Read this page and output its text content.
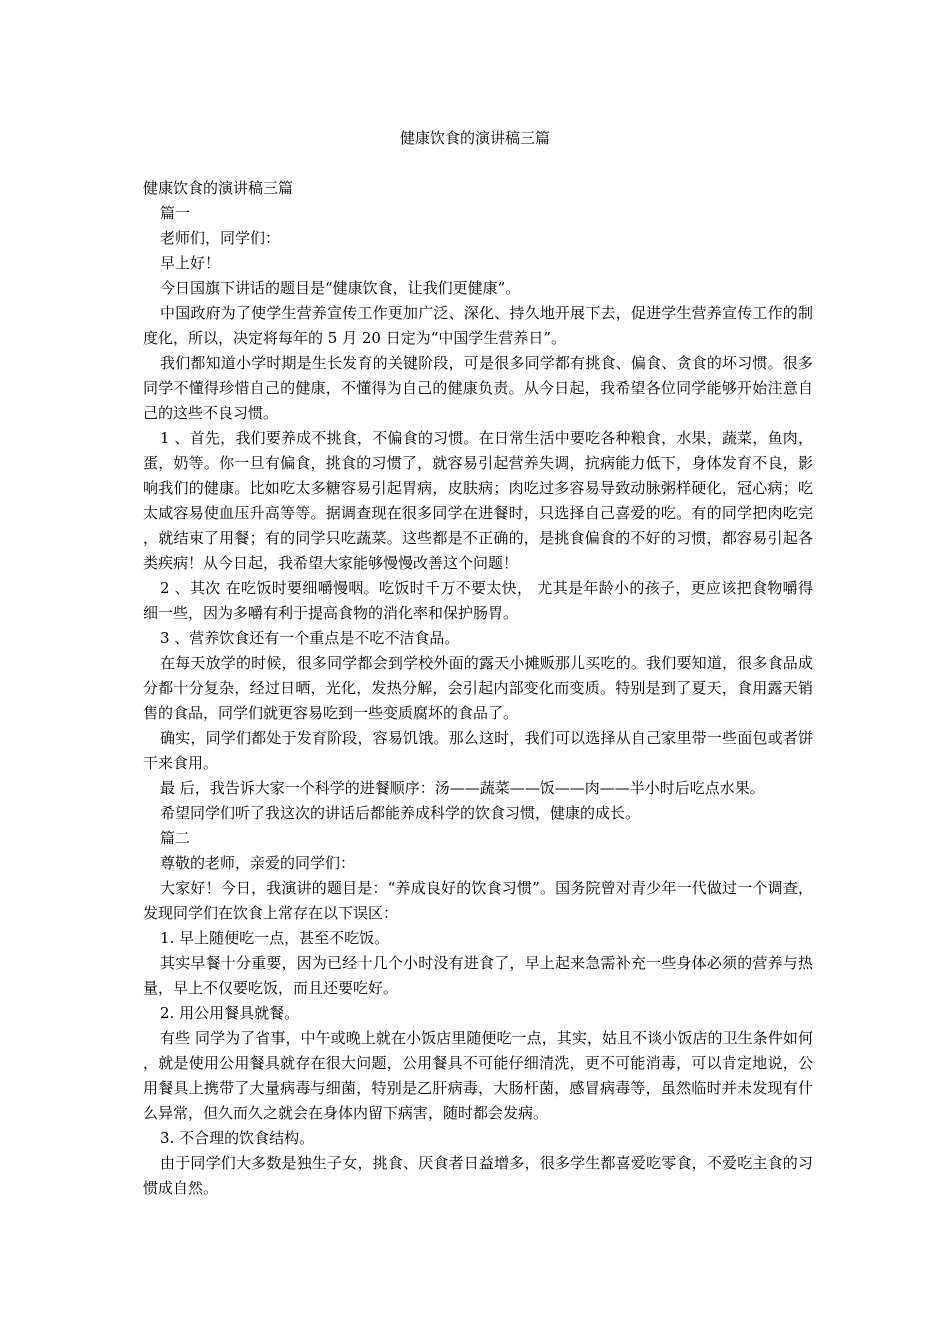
健康饮食的演讲稿三篇

健康饮食的演讲稿三篇

篇一

老师们，同学们：

早上好！

今日国旗下讲话的题目是“健康饮食，让我们更健康”。

中国政府为了使学生营养宣传工作更加广泛、深化、持久地开展下去，促进学生营养宣传工作的制度化，所以，决定将每年的 5 月 20 日定为“中国学生营养日”。

我们都知道小学时期是生长发育的关键阶段，可是很多同学都有挑食、偏食、贪食的坏习惯。很多同学不懂得珍惜自己的健康，不懂得为自己的健康负责。从今日起，我希望各位同学能够开始注意自己的这些不良习惯。

1 、首先，我们要养成不挑食，不偏食的习惯。在日常生活中要吃各种粮食，水果，蔬菜，鱼肉，蛋，奶等。你一旦有偏食，挑食的习惯了，就容易引起营养失调，抗病能力低下，身体发育不良，影响我们的健康。比如吃太多糖容易引起胃病，皮肤病；肉吃过多容易导致动脉粥样硬化，冠心病；吃太咸容易使血压升高等等。据调查现在很多同学在进餐时，只选择自己喜爱的吃。有的同学把肉吃完，就结束了用餐；有的同学只吃蔬菜。这些都是不正确的，是挑食偏食的不好的习惯，都容易引起各类疾病！从今日起，我希望大家能够慢慢改善这个问题！

2 、其次 在吃饭时要细嚼慢咽。吃饭时千万不要太快， 尤其是年龄小的孩子，更应该把食物嚼得细一些，因为多嚼有利于提高食物的消化率和保护肠胃。

3 、营养饮食还有一个重点是不吃不洁食品。

在每天放学的时候，很多同学都会到学校外面的露天小摊贩那儿买吃的。我们要知道，很多食品成分都十分复杂，经过日晒，光化，发热分解，会引起内部变化而变质。特别是到了夏天，食用露天销售的食品，同学们就更容易吃到一些变质腐坏的食品了。

确实，同学们都处于发育阶段，容易饥饿。那么这时，我们可以选择从自己家里带一些面包或者饼干来食用。

最 后，我告诉大家一个科学的进餐顺序：汤——蔬菜——饭——肉——半小时后吃点水果。

希望同学们听了我这次的讲话后都能养成科学的饮食习惯，健康的成长。

篇二

尊敬的老师，亲爱的同学们：

大家好！今日，我演讲的题目是：“养成良好的饮食习惯”。国务院曾对青少年一代做过一个调查，发现同学们在饮食上常存在以下误区：

1. 早上随便吃一点，甚至不吃饭。

其实早餐十分重要，因为已经十几个小时没有进食了，早上起来急需补充一些身体必须的营养与热量，早上不仅要吃饭，而且还要吃好。

2. 用公用餐具就餐。

有些 同学为了省事，中午或晚上就在小饭店里随便吃一点，其实，姑且不谈小饭店的卫生条件如何，就是使用公用餐具就存在很大问题，公用餐具不可能仔细清洗，更不可能消毒，可以肯定地说，公用餐具上携带了大量病毒与细菌，特别是乙肝病毒，大肠杆菌，感冒病毒等，虽然临时并未发现有什么异常，但久而久之就会在身体内留下病害，随时都会发病。

3. 不合理的饮食结构。

由于同学们大多数是独生子女，挑食、厌食者日益增多，很多学生都喜爱吃零食，不爱吃主食的习惯成自然。
